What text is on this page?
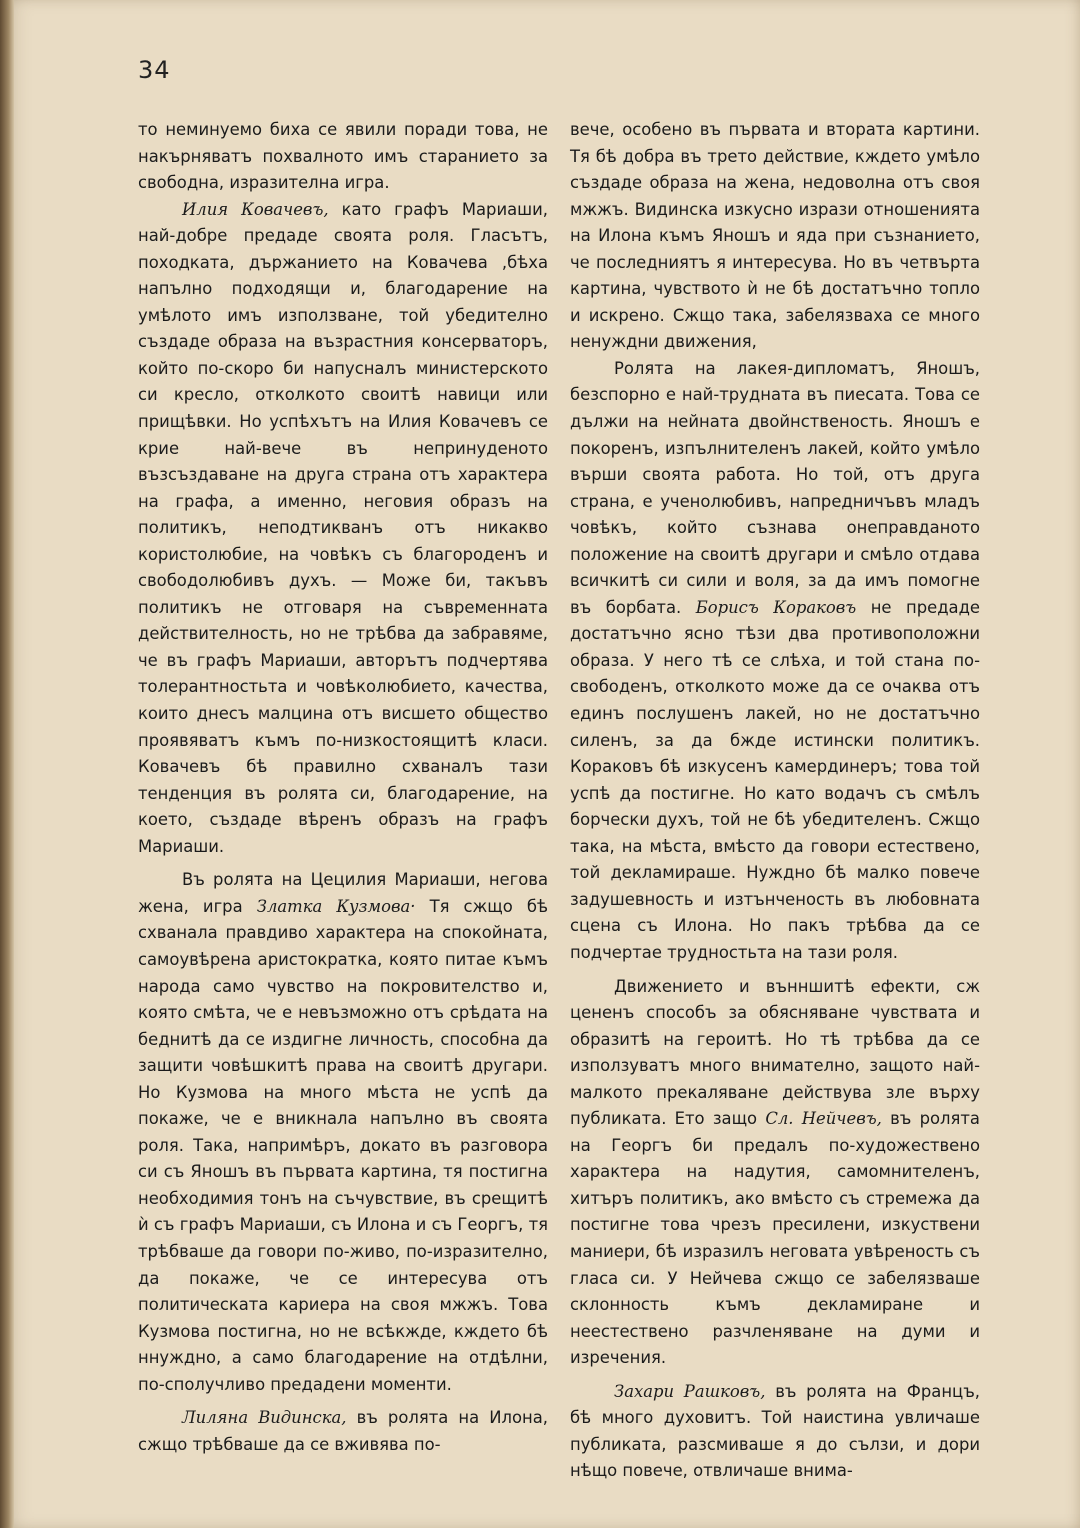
34

то неминуемо биха се явили поради това, не накърняватъ похвалното имъ старанието за свободна, изразителна игра.

Илия Ковачевъ, като графъ Мариаши, най-добре предаде своята роля. Гласътъ, походката, държанието на Ковачева ,бѣха напълно подходящи и, благодарение на умѣлото имъ използване, той убедително създаде образа на възрастния консерваторъ, който по-скоро би напусналъ министерското си кресло, отколкото своитѣ навици или прищѣвки. Но успѣхътъ на Илия Ковачевъ се крие най-вече въ непринуденото възсъздаване на друга страна отъ характера на графа, а именно, неговия образъ на политикъ, неподтикванъ отъ никакво користолюбие, на човѣкъ съ благороденъ и свободолюбивъ духъ. — Може би, такъвъ политикъ не отговаря на съвременната действителность, но не трѣбва да забравяме, че въ графъ Мариаши, авторътъ подчертява толерантностьта и човѣколюбието, качества, които днесъ малцина отъ висшето общество проявяватъ къмъ по-низкостоящитѣ класи. Ковачевъ бѣ правилно схваналъ тази тенденция въ ролята си, благодарение, на което, създаде вѣренъ образъ на графъ Мариаши.

Въ ролята на Цецилия Мариаши, негова жена, игра Златка Кузмова· Тя сжщо бѣ схванала правдиво характера на спокойната, самоувѣрена аристократка, която питае къмъ народа само чувство на покровителство и, която смѣта, че е невъзможно отъ срѣдата на беднитѣ да се издигне личность, способна да защити човѣшкитѣ права на своитѣ другари. Но Кузмова на много мѣста не успѣ да покаже, че е вникнала напълно въ своята роля. Така, напримѣръ, докато въ разговора си съ Яношъ въ първата картина, тя постигна необходимия тонъ на съчувствие, въ срещитѣ ѝ съ графъ Мариаши, съ Илона и съ Георгъ, тя трѣбваше да говори по-живо, по-изразително, да покаже, че се интересува отъ политическата кариера на своя мжжъ. Това Кузмова постигна, но не всѣкжде, кждето бѣ ннуждно, а само благодарение на отдѣлни, по-сполучливо предадени моменти.

Лиляна Видинска, въ ролята на Илона, сжщо трѣбваше да се вживява по-

вече, особено въ първата и втората картини. Тя бѣ добра въ трето действие, кждето умѣло създаде образа на жена, недоволна отъ своя мжжъ. Видинска изкусно изрази отношенията на Илона къмъ Яношъ и яда при съзнанието, че последниятъ я интересува. Но въ четвърта картина, чувството ѝ не бѣ достатъчно топло и искрено. Сжщо така, забелязваха се много ненуждни движения,

Ролята на лакея-дипломатъ, Яношъ, безспорно е най-трудната въ пиесата. Това се дължи на нейната двойнственость. Яношъ е покоренъ, изпълнителенъ лакей, който умѣло върши своята работа. Но той, отъ друга страна, е ученолюбивъ, напредничъвъ младъ човѣкъ, който съзнава онеправданото положение на своитѣ другари и смѣло отдава всичкитѣ си сили и воля, за да имъ помогне въ борбата. Борисъ Кораковъ не предаде достатъчно ясно тѣзи два противоположни образа. У него тѣ се слѣха, и той стана по-свободенъ, отколкото може да се очаква отъ единъ послушенъ лакей, но не достатъчно силенъ, за да бжде истински политикъ. Кораковъ бѣ изкусенъ камердинеръ; това той успѣ да постигне. Но като водачъ съ смѣлъ борчески духъ, той не бѣ убедителенъ. Сжщо така, на мѣста, вмѣсто да говори естествено, той декламираше. Нуждно бѣ малко повече задушевность и изтънченость въ любовната сцена съ Илона. Но пакъ трѣбва да се подчертае трудностьта на тази роля.

Движението и вънншитѣ ефекти, сж цененъ способъ за обясняване чувствата и образитѣ на героитѣ. Но тѣ трѣбва да се използуватъ много внимателно, защото най-малкото прекаляване действува зле върху публиката. Ето защо Сл. Нейчевъ, въ ролята на Георгъ би предалъ по-художествено характера на надутия, самомнителенъ, хитъръ политикъ, ако вмѣсто съ стремежа да постигне това чрезъ пресилени, изкуствени маниери, бѣ изразилъ неговата увѣреность съ гласа си. У Нейчева сжщо се забелязваше склонность къмъ декламиране и неестествено разчленяване на думи и изречения.

Захари Рашковъ, въ ролята на Францъ, бѣ много духовитъ. Той наистина увличаше публиката, разсмиваше я до сълзи, и дори нѣщо повече, отвличаше внима-
